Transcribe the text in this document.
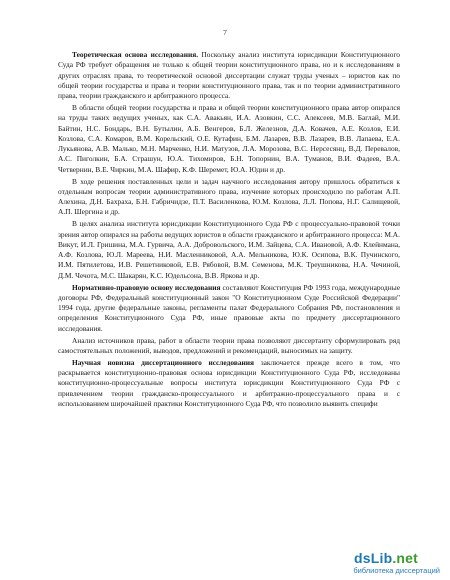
7

Теоретическая основа исследования. Поскольку анализ института юрисдикции Конституционного Суда РФ требует обращения не только к общей теории конституционного права, но и к исследованиям в других отраслях права, то теоретической основой диссертации служат труды ученых – юристов как по общей теории государства и права и теории конституционного права, так и по теории административного права, теории гражданского и арбитражного процесса.

В области общей теории государства и права и общей теории конституционного права автор опирался на труды таких ведущих ученых, как С.А. Авакьян, И.А. Азовкин, С.С. Алексеев, М.В. Баглай, М.И. Байтин, Н.С. Бондарь, В.Н. Бутылин, А.Б. Венгеров, Б.Л. Железнов, Д.А. Ковачев, А.Е. Козлов, Е.И. Козлова, С.А. Комаров, В.М. Корельский, О.Е. Кутафин, Б.М. Лазарев, В.В. Лазарев, В.В. Лапаева, Е.А. Лукьянова, А.В. Малько, М.Н. Марченко, Н.И. Матузов, Л.А. Морозова, В.С. Нерсесянц, В.Д. Перевалов, А.С. Пиголкин, Б.А. Страшун, Ю.А. Тихомиров, Б.Н. Топорнин, В.А. Туманов, В.И. Фадеев, В.А. Четвернин, В.Е. Чиркин, М.А. Шафир, К.Ф. Шеремет, Ю.А. Юдин и др.

В ходе решения поставленных цели и задач научного исследования автору пришлось обратиться к отдельным вопросам теории административного права, изучение которых происходило по работам А.П. Алехина, Д.Н. Бахраха, Б.Н. Габричидзе, П.Т. Василенкова, Ю.М. Козлова, Л.Л. Попова, Н.Г. Салищевой, А.П. Шергина и др.

В целях анализа института юрисдикции Конституционного Суда РФ с процессуально-правовой точки зрения автор опирался на работы ведущих юристов в области гражданского и арбитражного процесса: М.А. Викут, И.Л. Гришина, М.А. Гурвича, А.А. Добровольского, И.М. Зайцева, С.А. Ивановой, А.Ф. Клейнмана, А.Ф. Козлова, Ю.Л. Мареева, Н.И. Масленниковой, А.А. Мельникова, Ю.К. Осипова, В.К. Пучинского, И.М. Пятилетова, И.В. Решетниковой, Е.В. Рябовой, В.М. Семенова, М.К. Треушникова, Н.А. Чечиной, Д.М. Чечота, М.С. Шакарян, К.С. Юдельсона, В.В. Яркова и др.

Нормативно-правовую основу исследования составляют Конституция РФ 1993 года, международные договоры РФ, Федеральный конституционный закон "О Конституционном Суде Российской Федерации" 1994 года, другие федеральные законы, регламенты палат Федерального Собрания РФ, постановления и определения Конституционного Суда РФ, иные правовые акты по предмету диссертационного исследования.

Анализ источников права, работ в области теории права позволяют диссертанту сформулировать ряд самостоятельных положений, выводов, предложений и рекомендаций, выносимых на защиту.

Научная новизна диссертационного исследования заключается прежде всего в том, что раскрывается конституционно-правовая основа юрисдикции Конституционного Суда РФ, исследованы конституционно-процессуальные вопросы института юрисдикции Конституционного Суда РФ с привлечением теории гражданско-процессуального и арбитражно-процессуального права и с использованием широчайшей практики Конституционного Суда РФ, что позволило выявить специфи

dsLib.net
библиотека диссертаций
